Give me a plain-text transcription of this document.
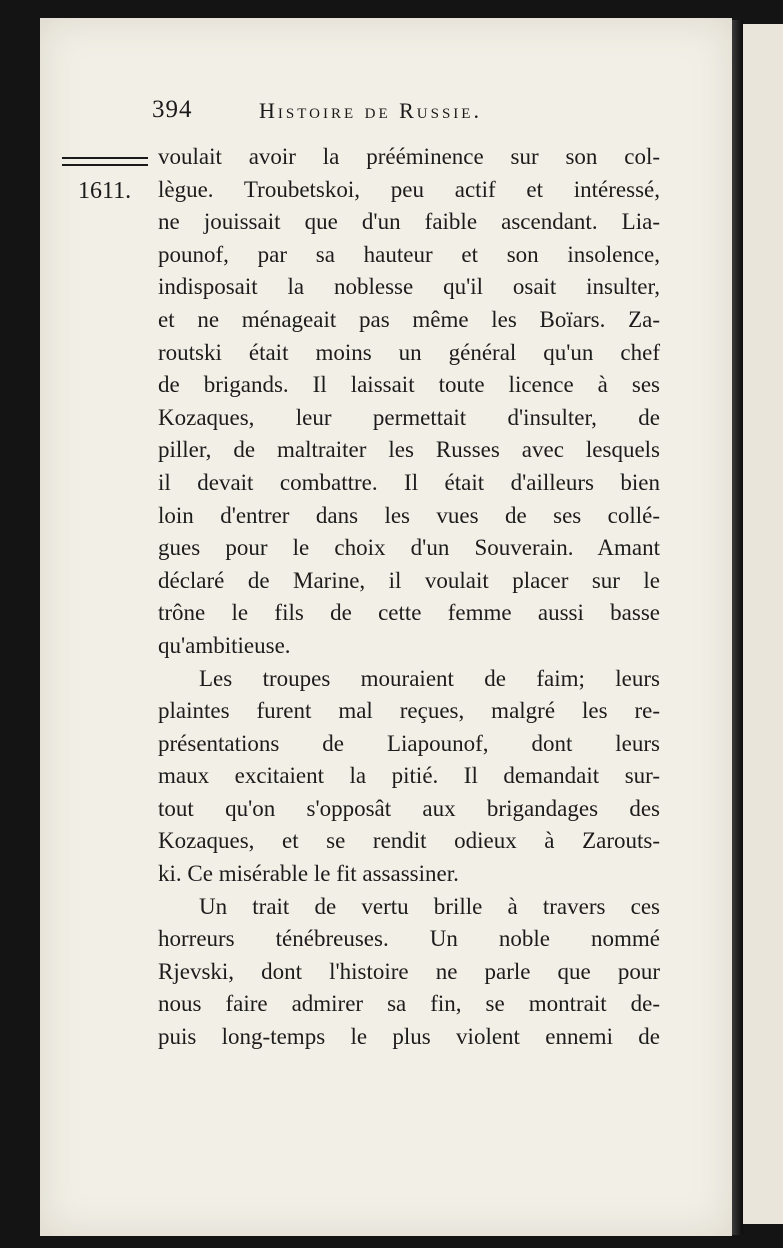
394	Histoire de Russie.
1611.
voulait avoir la prééminence sur son col-
lègue. Troubetskoi, peu actif et intéressé,
ne jouissait que d'un faible ascendant. Lia-
pounof, par sa hauteur et son insolence,
indisposait la noblesse qu'il osait insulter,
et ne ménageait pas même les Boïars. Za-
routski était moins un général qu'un chef
de brigands. Il laissait toute licence à ses
Kozaques, leur permettait d'insulter, de
piller, de maltraiter les Russes avec lesquels
il devait combattre. Il était d'ailleurs bien
loin d'entrer dans les vues de ses collé-
gues pour le choix d'un Souverain. Amant
déclaré de Marine, il voulait placer sur le
trône le fils de cette femme aussi basse
qu'ambitieuse.
Les troupes mouraient de faim; leurs
plaintes furent mal reçues, malgré les re-
présentations de Liapounof, dont leurs
maux excitaient la pitié. Il demandait sur-
tout qu'on s'opposât aux brigandages des
Kozaques, et se rendit odieux à Zarouts-
ki. Ce misérable le fit assassiner.
Un trait de vertu brille à travers ces
horreurs ténébreuses. Un noble nommé
Rjevski, dont l'histoire ne parle que pour
nous faire admirer sa fin, se montrait de-
puis long-temps le plus violent ennemi de
